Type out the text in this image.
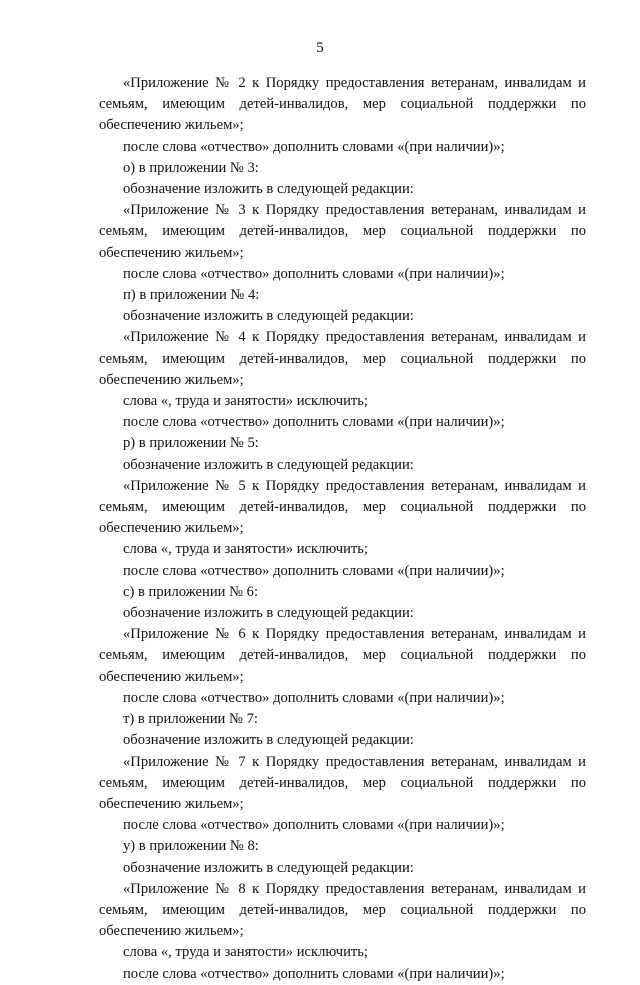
5

«Приложение № 2 к Порядку предоставления ветеранам, инвалидам и семьям, имеющим детей-инвалидов, мер социальной поддержки по обеспечению жильем»;

после слова «отчество» дополнить словами «(при наличии)»;

о) в приложении № 3:

обозначение изложить в следующей редакции:

«Приложение № 3 к Порядку предоставления ветеранам, инвалидам и семьям, имеющим детей-инвалидов, мер социальной поддержки по обеспечению жильем»;

после слова «отчество» дополнить словами «(при наличии)»;

п) в приложении № 4:

обозначение изложить в следующей редакции:

«Приложение № 4 к Порядку предоставления ветеранам, инвалидам и семьям, имеющим детей-инвалидов, мер социальной поддержки по обеспечению жильем»;

слова «, труда и занятости» исключить;

после слова «отчество» дополнить словами «(при наличии)»;

р) в приложении № 5:

обозначение изложить в следующей редакции:

«Приложение № 5 к Порядку предоставления ветеранам, инвалидам и семьям, имеющим детей-инвалидов, мер социальной поддержки по обеспечению жильем»;

слова «, труда и занятости» исключить;

после слова «отчество» дополнить словами «(при наличии)»;

с) в приложении № 6:

обозначение изложить в следующей редакции:

«Приложение № 6 к Порядку предоставления ветеранам, инвалидам и семьям, имеющим детей-инвалидов, мер социальной поддержки по обеспечению жильем»;

после слова «отчество» дополнить словами «(при наличии)»;

т) в приложении № 7:

обозначение изложить в следующей редакции:

«Приложение № 7 к Порядку предоставления ветеранам, инвалидам и семьям, имеющим детей-инвалидов, мер социальной поддержки по обеспечению жильем»;

после слова «отчество» дополнить словами «(при наличии)»;

у) в приложении № 8:

обозначение изложить в следующей редакции:

«Приложение № 8 к Порядку предоставления ветеранам, инвалидам и семьям, имеющим детей-инвалидов, мер социальной поддержки по обеспечению жильем»;

слова «, труда и занятости» исключить;

после слова «отчество» дополнить словами «(при наличии)»;
